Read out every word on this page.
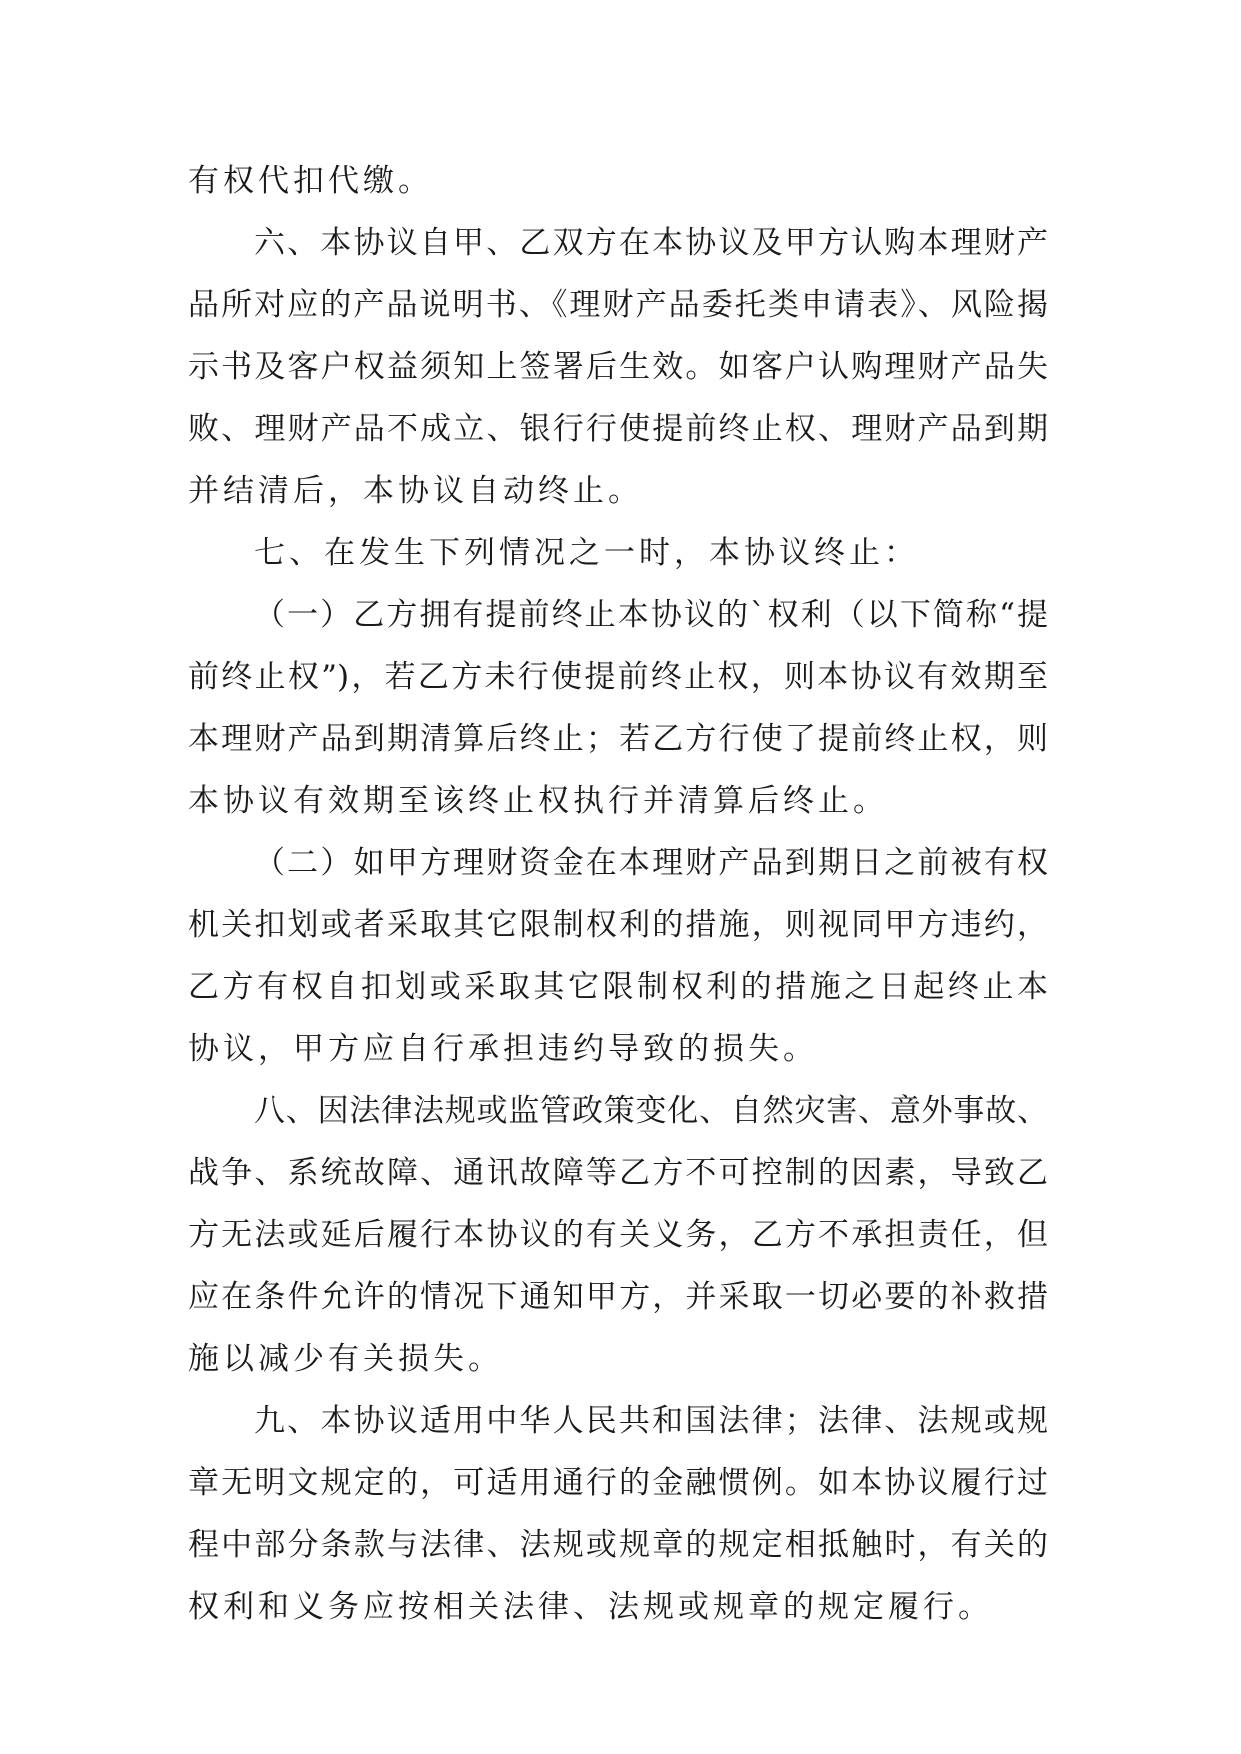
有权代扣代缴。
六、本协议自甲、乙双方在本协议及甲方认购本理财产
品所对应的产品说明书、《理财产品委托类申请表》、风险揭
示书及客户权益须知上签署后生效。如客户认购理财产品失
败、理财产品不成立、银行行使提前终止权、理财产品到期
并结清后，本协议自动终止。
七、在发生下列情况之一时，本协议终止：
（一）乙方拥有提前终止本协议的`权利（以下简称“提
前终止权”)，若乙方未行使提前终止权，则本协议有效期至
本理财产品到期清算后终止；若乙方行使了提前终止权，则
本协议有效期至该终止权执行并清算后终止。
（二）如甲方理财资金在本理财产品到期日之前被有权
机关扣划或者采取其它限制权利的措施，则视同甲方违约，
乙方有权自扣划或采取其它限制权利的措施之日起终止本
协议，甲方应自行承担违约导致的损失。
八、因法律法规或监管政策变化、自然灾害、意外事故、
战争、系统故障、通讯故障等乙方不可控制的因素，导致乙
方无法或延后履行本协议的有关义务，乙方不承担责任，但
应在条件允许的情况下通知甲方，并采取一切必要的补救措
施以减少有关损失。
九、本协议适用中华人民共和国法律；法律、法规或规
章无明文规定的，可适用通行的金融惯例。如本协议履行过
程中部分条款与法律、法规或规章的规定相抵触时，有关的
权利和义务应按相关法律、法规或规章的规定履行。
